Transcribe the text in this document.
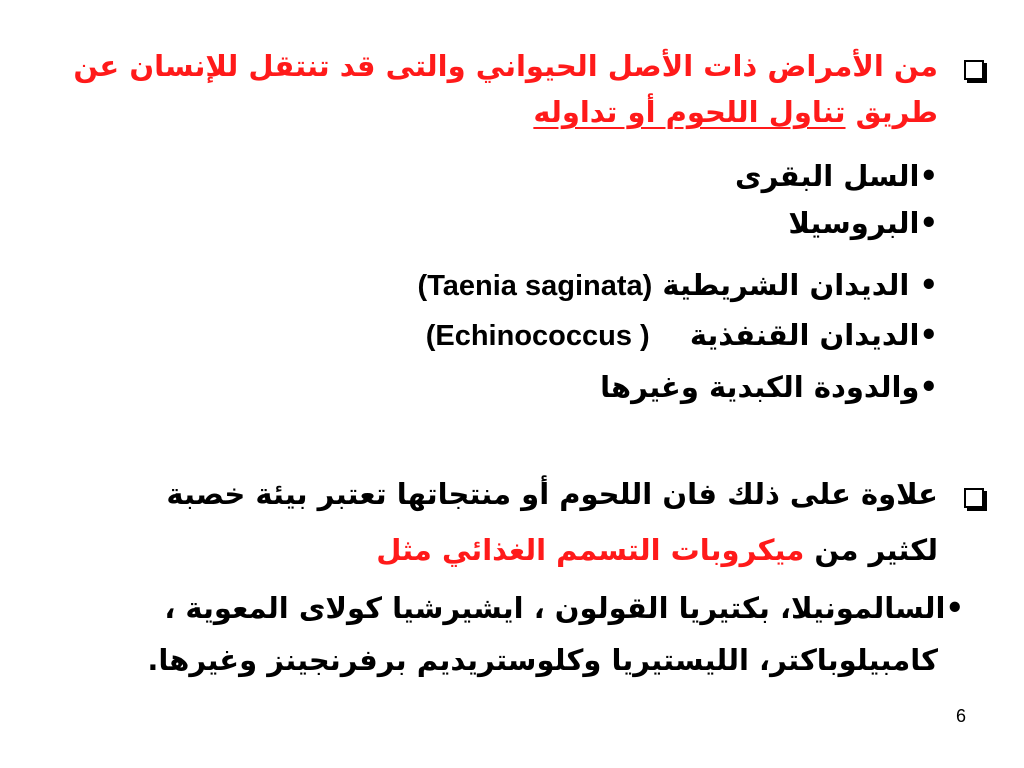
من الأمراض ذات الأصل الحيواني والتى قد تنتقل للإنسان عن
طريق تناول اللحوم أو تداوله
•السل البقرى
•البروسيلا
• الديدان الشريطية (Taenia saginata)
•الديدان القنفذية (Echinococcus )
•والدودة الكبدية وغيرها
علاوة على ذلك فان اللحوم أو منتجاتها تعتبر بيئة خصبة
لكثير من ميكروبات التسمم الغذائي مثل
•السالمونيلا، بكتيريا القولون ، ايشيرشيا كولاى المعوية ،
كامبيلوباكتر، الليستيريا وكلوستريديم برفرنجينز وغيرها.
6
